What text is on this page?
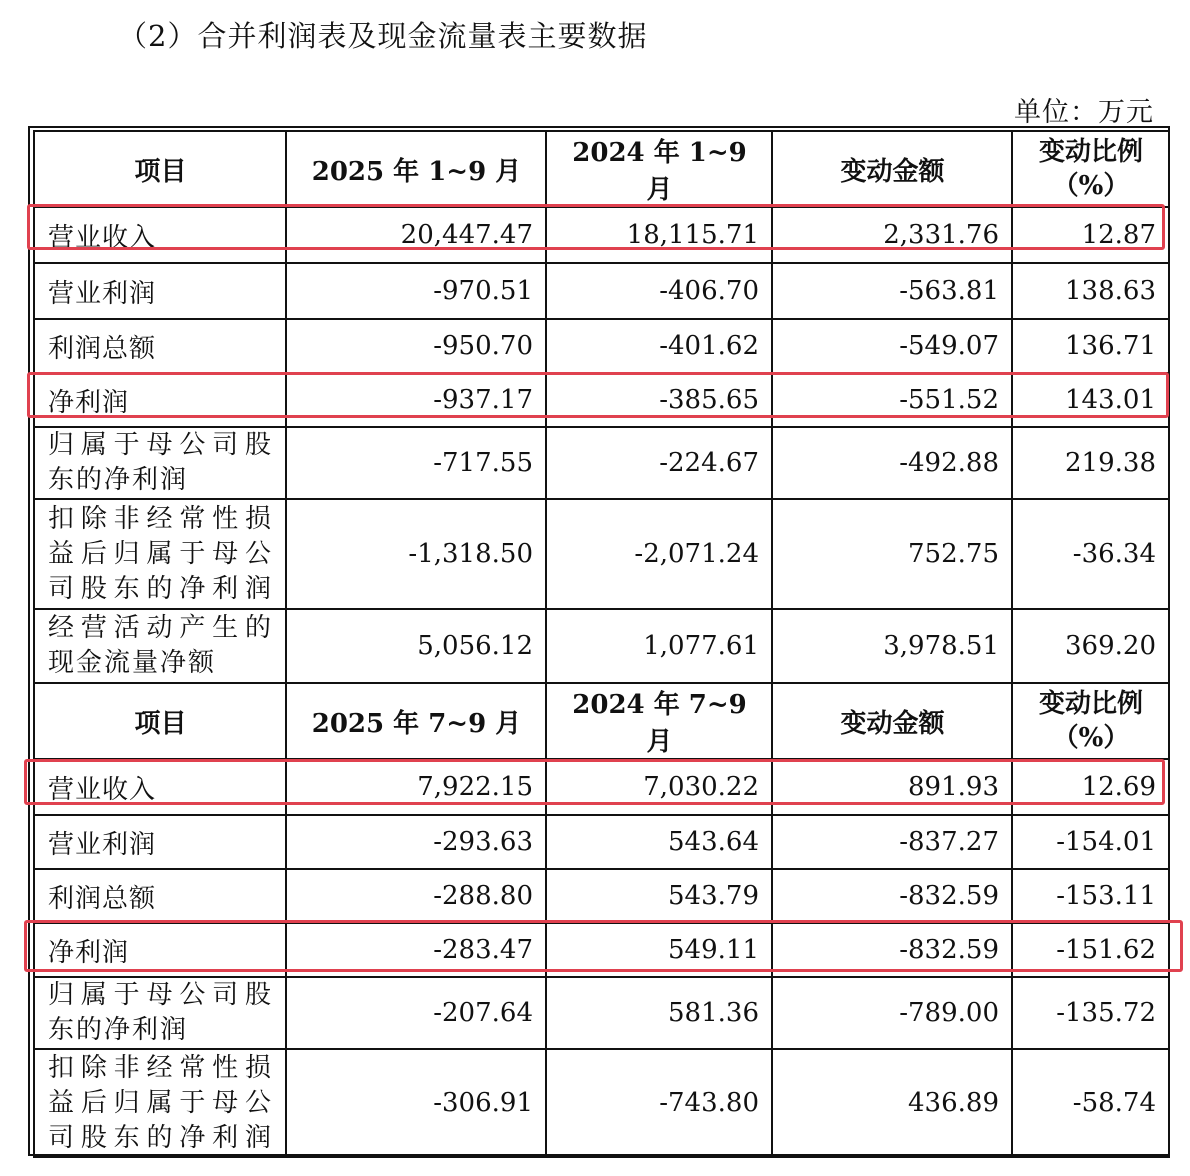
（2）合并利润表及现金流量表主要数据
单位：万元
项目	2025 年 1~9 月	2024 年 1~9 月	变动金额	变动比例
（%）

营业收入	20,447.47	18,115.71	2,331.76	12.87
营业利润	-970.51	-406.70	-563.81	138.63
利润总额	-950.70	-401.62	-549.07	136.71
净利润	-937.17	-385.65	-551.52	143.01

归属于母公司股
东的净利润	-717.55	-224.67	-492.88	219.38

扣除非经常性损
益后归属于母公
司股东的净利润	-1,318.50	-2,071.24	752.75	-36.34

经营活动产生的
现金流量净额	5,056.12	1,077.61	3,978.51	369.20
项目	2025 年 7~9 月	2024 年 7~9 月	变动金额	变动比例
（%）

营业收入	7,922.15	7,030.22	891.93	12.69
营业利润	-293.63	543.64	-837.27	-154.01
利润总额	-288.80	543.79	-832.59	-153.11
净利润	-283.47	549.11	-832.59	-151.62

归属于母公司股
东的净利润	-207.64	581.36	-789.00	-135.72

扣除非经常性损
益后归属于母公
司股东的净利润	-306.91	-743.80	436.89	-58.74
